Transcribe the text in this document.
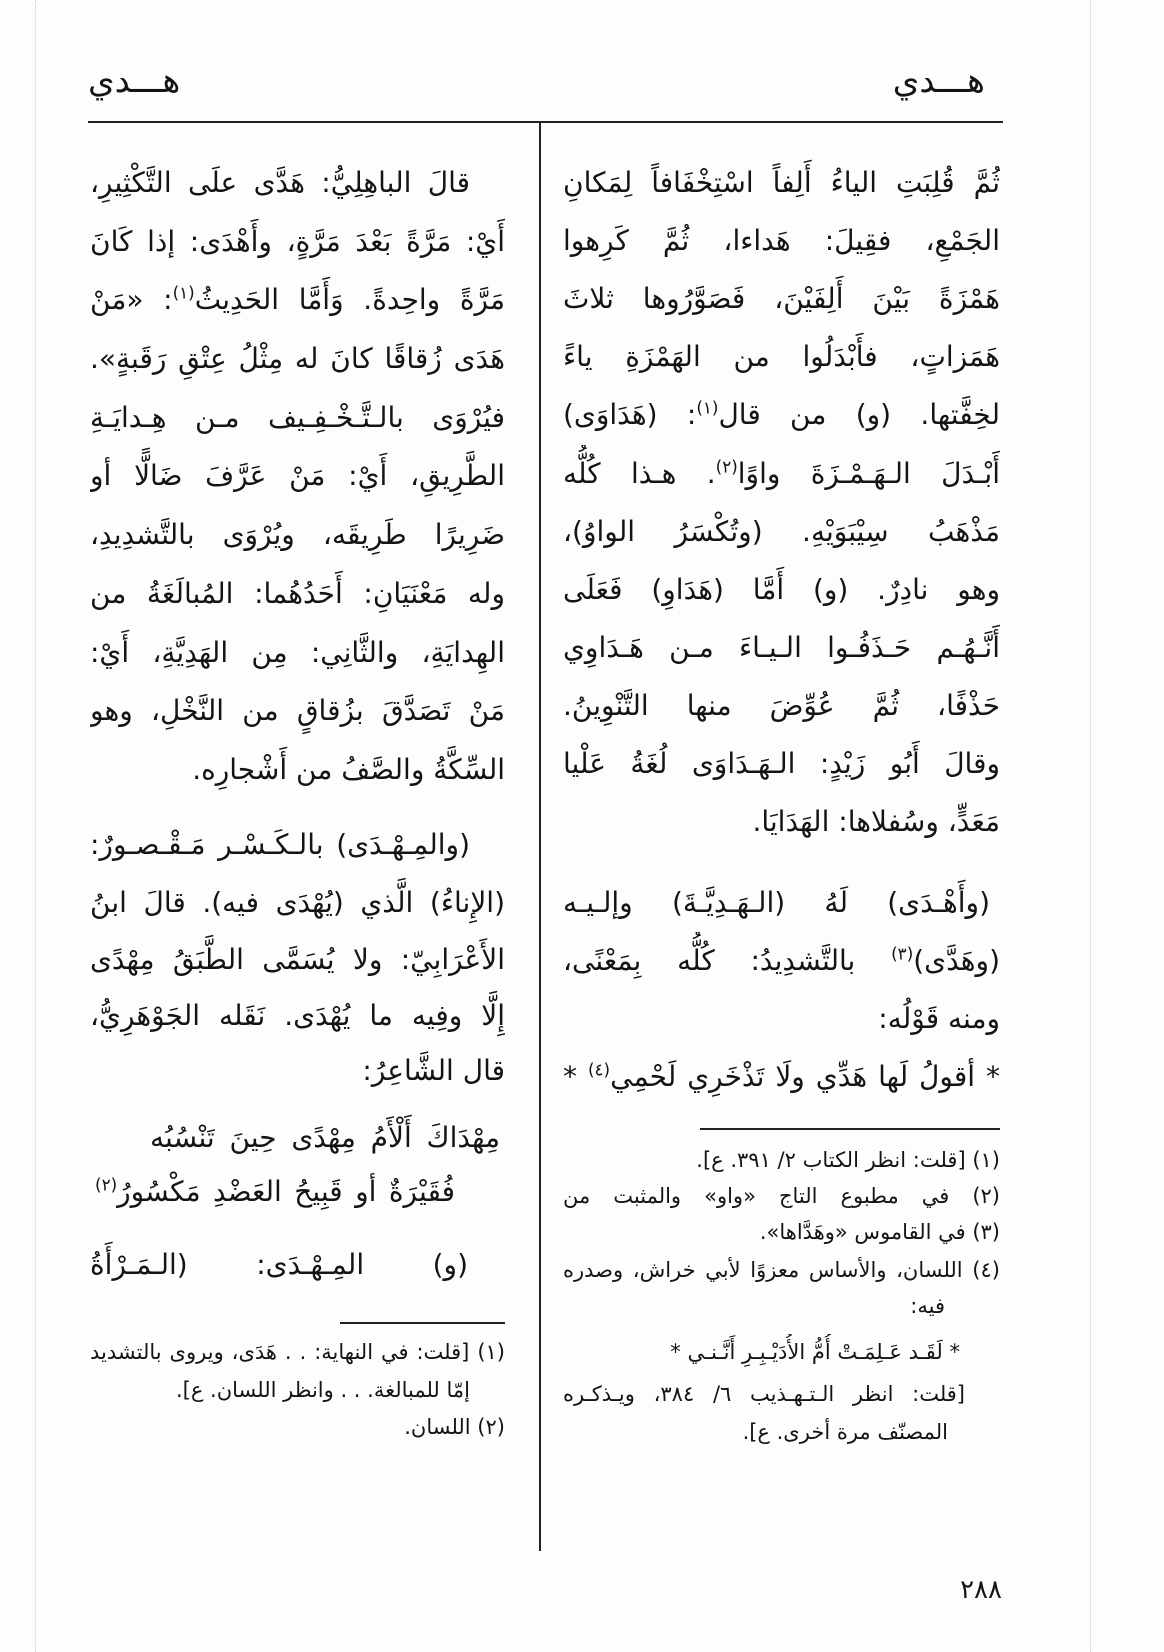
هـــدي	هـــدي
ثُمَّ قُلِبَتِ الياءُ أَلِفاً اسْتِخْفَافاً لِمَكانِ
الجَمْعِ، فقِيلَ: هَداءا، ثُمَّ كَرِهوا
هَمْزَةً بَيْنَ أَلِفَيْنَ، فَصَوَّرُوها ثلاثَ
هَمَزاتٍ، فأَبْدَلُوا من الهَمْزَةِ ياءً
لخِفَّتها. (و) من قال$^{(١)}$: (هَدَاوَى)
أَبْـدَلَ الـهَـمْـزَةَ واوًا$^{(٢)}$. هـذا كُلُّه
مَذْهَبُ سِيْبَوَيْهِ. (وتُكْسَرُ الواوُ)،
وهو نادِرٌ. (و) أَمَّا (هَدَاوِ) فَعَلَى
أَنَّـهُـم حَـذَفُـوا الـيـاءَ مـن هَـدَاوِي
حَذْفًا، ثُمَّ عُوِّضَ منها التَّنْوِينُ.
وقالَ أَبُو زَيْدٍ: الـهَـدَاوَى لُغَةُ عَلْيا
مَعَدٍّ، وسُفلاها: الهَدَايَا.
(وأَهْـدَى) لَهُ (الـهَـدِيَّـةَ) وإلـيـه
(وهَدَّى)$^{(٣)}$ بالتَّشدِيدُ: كُلُّه بِمَعْنًى،
ومنه قَوْلُه:
* أقولُ لَها هَدِّي ولَا تَذْخَرِي لَحْمِي$^{(٤)}$ *
(١) [قلت: انظر الكتاب ٢/ ٣٩١. ع].
(٢) في مطبوع التاج «واو» والمثبت من
(٣) في القاموس «وهَدَّاها».
(٤) اللسان، والأساس معزوًا لأبي خراش، وصدره
فيه:
* لَقَـد عَـلِمَـتْ أُمُّ الأُدَيْـبِـرِ أَنَّـنـي *
[قلت: انظر الـتـهـذيب ٦/ ٣٨٤، ويـذكـره
المصنّف مرة أخرى. ع].
قالَ الباهِلِيُّ: هَدَّى علَى التَّكْثِيرِ،
أَيْ: مَرَّةً بَعْدَ مَرَّةٍ، وأَهْدَى: إذا كَانَ
مَرَّةً واحِدةً. وَأَمَّا الحَدِيثُ$^{(١)}$: «مَنْ
هَدَى زُقاقًا كانَ له مِثْلُ عِتْقِ رَقَبةٍ».
فيُرْوَى بالـتَّـخْـفِـيف مـن هِـدايَـةِ
الطَّرِيقِ، أَيْ: مَنْ عَرَّفَ ضَالًّا أو
ضَرِيرًا طَرِيقَه، ويُرْوَى بالتَّشدِيدِ،
وله مَعْنَيَانِ: أَحَدُهُما: المُبالَغَةُ من
الهِدايَةِ، والثَّانِي: مِن الهَدِيَّةِ، أَيْ:
مَنْ تَصَدَّقَ بزُقاقٍ من النَّخْلِ، وهو
السِّكَّةُ والصَّفُ من أَشْجارِه.
(والمِـهْـدَى) بالـكَـسْـر مَـقْـصـورٌ:
(الإِناءُ) الَّذي (يُهْدَى فيه). قالَ ابنُ
الأَعْرَابِيّ: ولا يُسَمَّى الطَّبَقُ مِهْدًى
إِلَّا وفِيه ما يُهْدَى. نَقَله الجَوْهَرِيُّ،
قال الشَّاعِرُ:
مِهْدَاكَ أَلْأَمُ مِهْدًى حِينَ تَنْسُبُه
فُقَيْرَةٌ أو قَبِيحُ العَضْدِ مَكْسُورُ$^{(٢)}$
(و) المِـهْـدَى: (الـمَـرْأَةُ
(١) [قلت: في النهاية: . . هَدَى، ويروى بالتشديد
إمّا للمبالغة. . . وانظر اللسان. ع].
(٢) اللسان.
٢٨٨
